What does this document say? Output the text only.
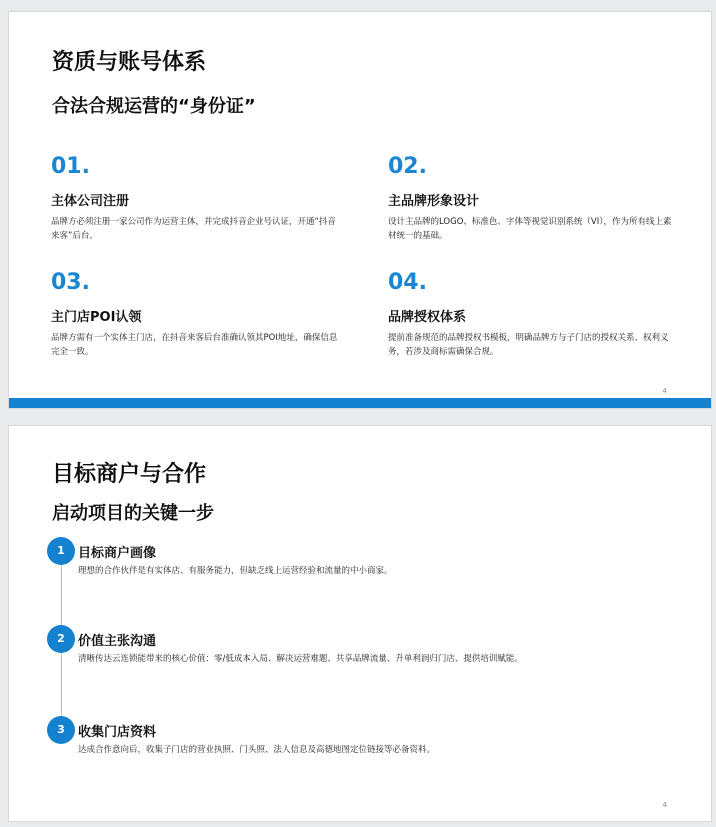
资质与账号体系
合法合规运营的“身份证”
01.
主体公司注册
品牌方必须注册一家公司作为运营主体，并完成抖音企业号认证，开通“抖音来客”后台。
02.
主品牌形象设计
设计主品牌的LOGO、标准色、字体等视觉识别系统（VI），作为所有线上素材统一的基础。
03.
主门店POI认领
品牌方需有一个实体主门店，在抖音来客后台准确认领其POI地址，确保信息完全一致。
04.
品牌授权体系
提前准备规范的品牌授权书模板，明确品牌方与子门店的授权关系、权利义务，若涉及商标需确保合规。
4
目标商户与合作
启动项目的关键一步
1	目标商户画像
理想的合作伙伴是有实体店、有服务能力，但缺乏线上运营经验和流量的中小商家。
2	价值主张沟通
清晰传达云连锁能带来的核心价值：零/低成本入局、解决运营难题、共享品牌流量、升单利润归门店、提供培训赋能。
3	收集门店资料
达成合作意向后，收集子门店的营业执照、门头照、法人信息及高德地图定位链接等必备资料。
4
